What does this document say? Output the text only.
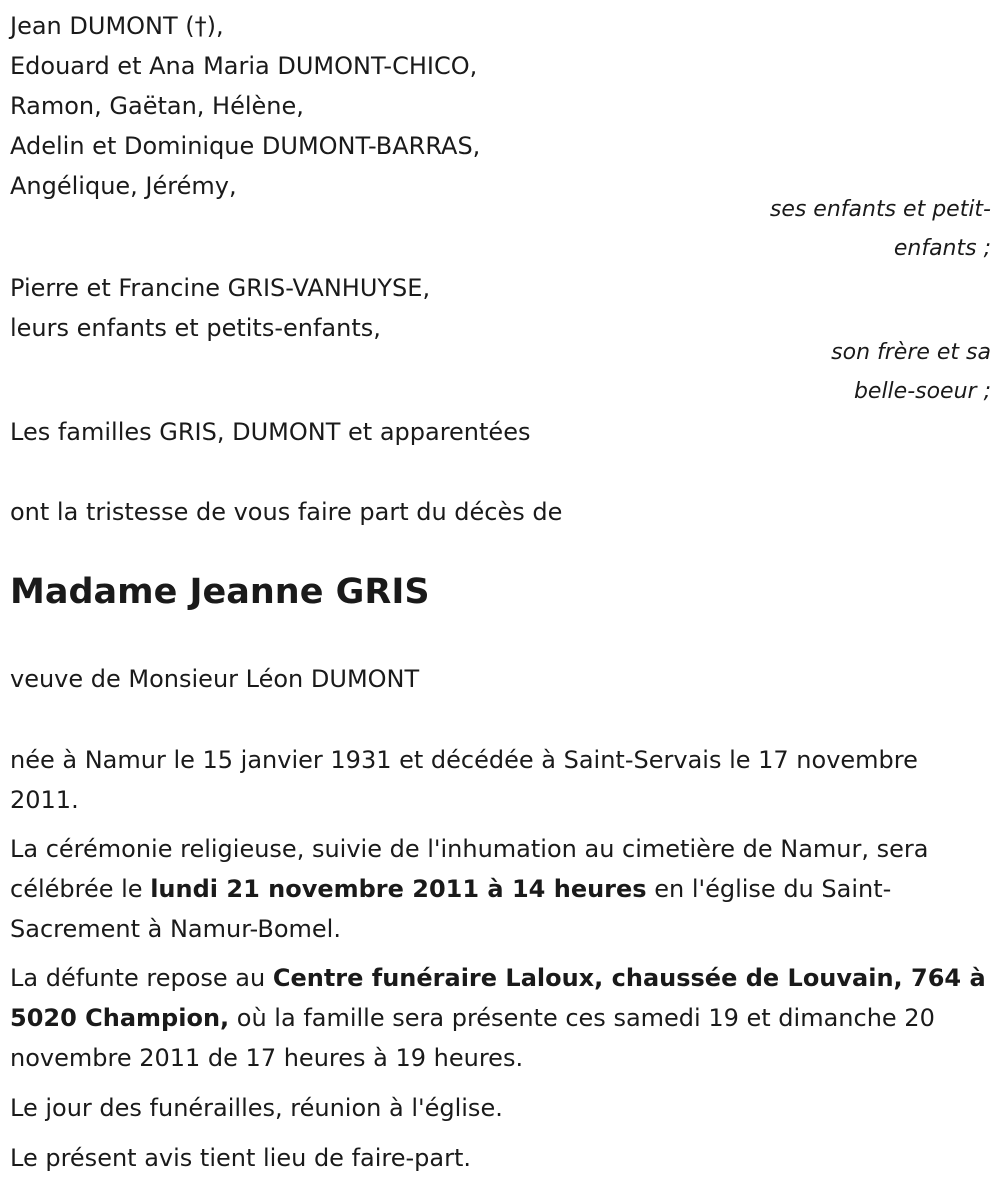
Jean DUMONT (†),
Edouard et Ana Maria DUMONT-CHICO,
Ramon, Gaëtan, Hélène,
Adelin et Dominique DUMONT-BARRAS,
Angélique, Jérémy,
ses enfants et petit-
enfants ;
Pierre et Francine GRIS-VANHUYSE,
leurs enfants et petits-enfants,
son frère et sa
belle-soeur ;
Les familles GRIS, DUMONT et apparentées
ont la tristesse de vous faire part du décès de
Madame Jeanne GRIS
veuve de Monsieur Léon DUMONT
née à Namur le 15 janvier 1931 et décédée à Saint-Servais le 17 novembre 2011.
La cérémonie religieuse, suivie de l'inhumation au cimetière de Namur, sera célébrée le lundi 21 novembre 2011 à 14 heures en l'église du Saint-Sacrement à Namur-Bomel.
La défunte repose au Centre funéraire Laloux, chaussée de Louvain, 764 à 5020 Champion, où la famille sera présente ces samedi 19 et dimanche 20 novembre 2011 de 17 heures à 19 heures.
Le jour des funérailles, réunion à l'église.
Le présent avis tient lieu de faire-part.
